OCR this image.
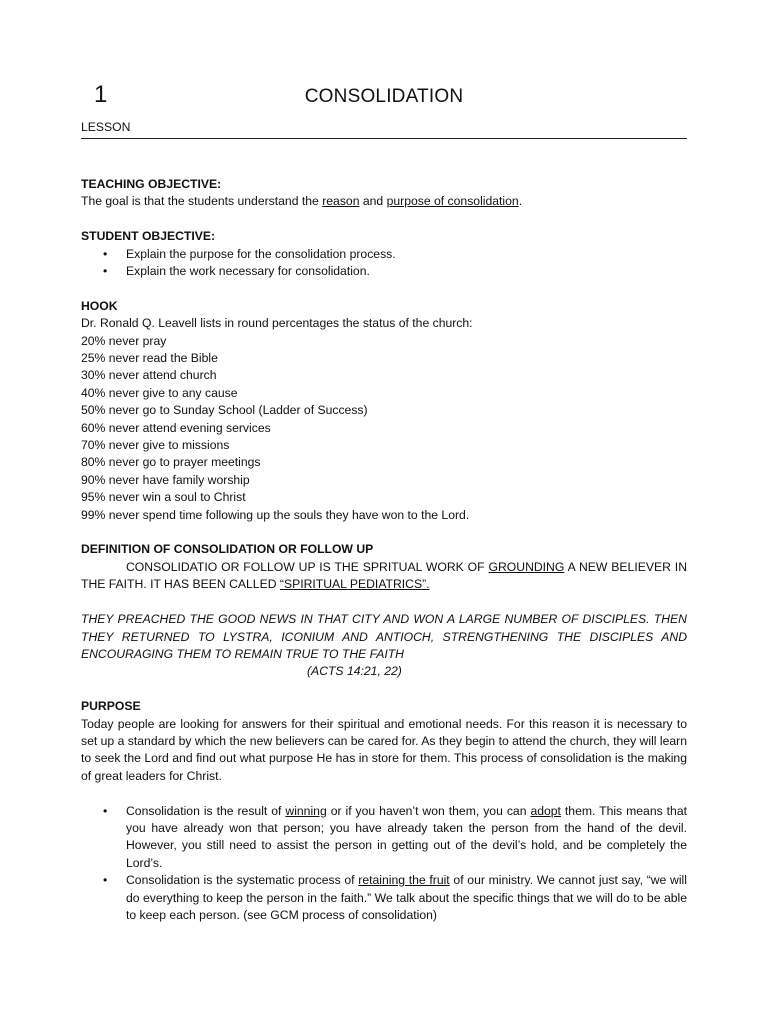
1	CONSOLIDATION
LESSON

TEACHING OBJECTIVE:

The goal is that the students understand the reason and purpose of consolidation.

STUDENT OBJECTIVE:

• Explain the purpose for the consolidation process.
• Explain the work necessary for consolidation.

HOOK

Dr. Ronald Q. Leavell lists in round percentages the status of the church:

20% never pray

25% never read the Bible

30% never attend church

40% never give to any cause

50% never go to Sunday School (Ladder of Success)

60% never attend evening services

70% never give to missions

80% never go to prayer meetings

90% never have family worship

95% never win a soul to Christ

99% never spend time following up the souls they have won to the Lord.

DEFINITION OF CONSOLIDATION OR FOLLOW UP

CONSOLIDATIO OR FOLLOW UP IS THE SPRITUAL WORK OF GROUNDING A NEW BELIEVER IN THE FAITH. IT HAS BEEN CALLED “SPIRITUAL PEDIATRICS”.

THEY PREACHED THE GOOD NEWS IN THAT CITY AND WON A LARGE NUMBER OF DISCIPLES. THEN THEY RETURNED TO LYSTRA, ICONIUM AND ANTIOCH, STRENGTHENING THE DISCIPLES AND ENCOURAGING THEM TO REMAIN TRUE TO THE FAITH

(ACTS 14:21, 22)

PURPOSE

Today people are looking for answers for their spiritual and emotional needs. For this reason it is necessary to set up a standard by which the new believers can be cared for. As they begin to attend the church, they will learn to seek the Lord and find out what purpose He has in store for them. This process of consolidation is the making of great leaders for Christ.

• Consolidation is the result of winning or if you haven’t won them, you can adopt them. This means that you have already won that person; you have already taken the person from the hand of the devil. However, you still need to assist the person in getting out of the devil’s hold, and be completely the Lord’s.
• Consolidation is the systematic process of retaining the fruit of our ministry. We cannot just say, “we will do everything to keep the person in the faith.” We talk about the specific things that we will do to be able to keep each person. (see GCM process of consolidation)
